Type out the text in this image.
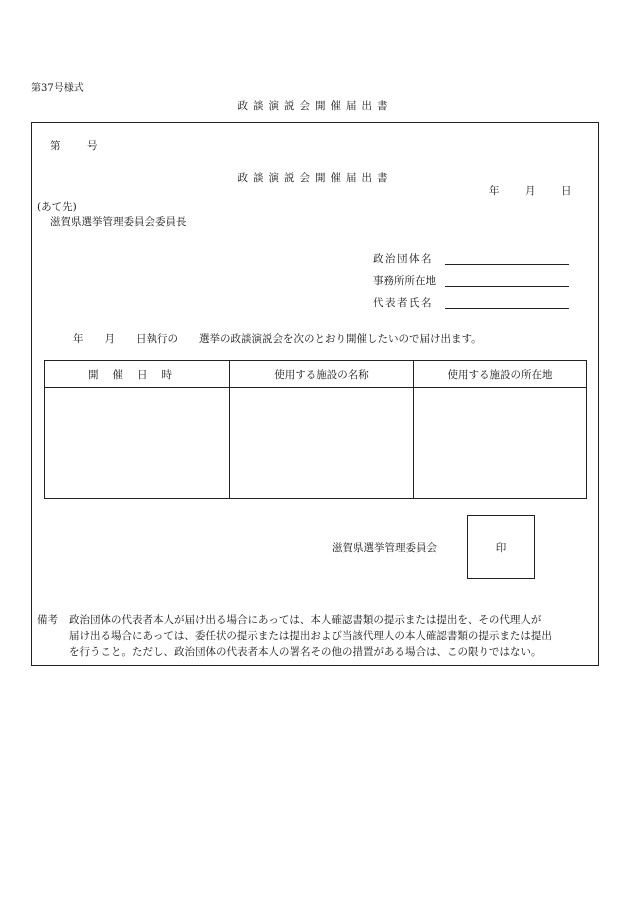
第37号様式
政談演説会開催届出書
第	号
政談演説会開催届出書
年 月 日
(あて先)
滋賀県選挙管理委員会委員長
政治団体名
事務所所在地
代表者氏名
年　　月　　日執行の　　選挙の政談演説会を次のとおり開催したいので届け出ます。
開催日時	使用する施設の名称	使用する施設の所在地

滋賀県選挙管理委員会	印
備考	政治団体の代表者本人が届け出る場合にあっては、本人確認書類の提示または提出を、その代理人が
届け出る場合にあっては、委任状の提示または提出および当該代理人の本人確認書類の提示または提出
を行うこと。ただし、政治団体の代表者本人の署名その他の措置がある場合は、この限りではない。
